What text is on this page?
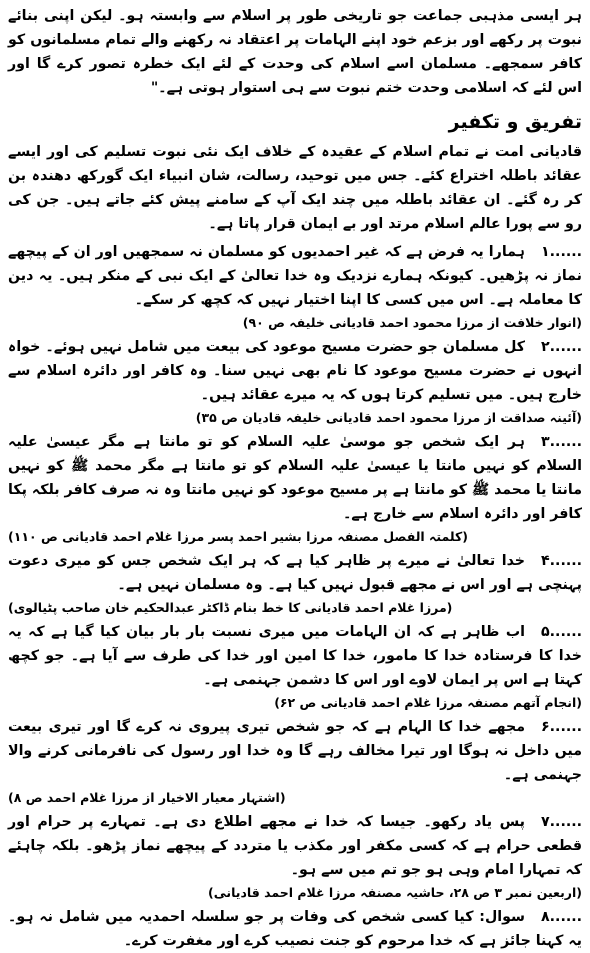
ہر ایسی مذہبی جماعت جو تاریخی طور پر اسلام سے وابستہ ہو۔ لیکن اپنی بنائے نبوت پر رکھے اور بزعم خود اپنے الہامات پر اعتقاد نہ رکھنے والے تمام مسلمانوں کو کافر سمجھے۔ مسلمان اسے اسلام کی وحدت کے لئے ایک خطرہ تصور کرے گا اور اس لئے کہ اسلامی وحدت ختم نبوت سے ہی استوار ہوتی ہے۔"

تفریق و تکفیر

قادیانی امت نے تمام اسلام کے عقیدہ کے خلاف ایک نئی نبوت تسلیم کی اور ایسے عقائد باطلہ اختراع کئے۔ جس میں توحید، رسالت، شان انبیاء ایک گورکھ دھندہ بن کر رہ گئے۔ ان عقائد باطلہ میں چند ایک آپ کے سامنے پیش کئے جاتے ہیں۔ جن کی رو سے پورا عالم اسلام مرتد اور بے ایمان قرار پاتا ہے۔

۱......ہمارا یہ فرض ہے کہ غیر احمدیوں کو مسلمان نہ سمجھیں اور ان کے پیچھے نماز نہ پڑھیں۔ کیونکہ ہمارے نزدیک وہ خدا تعالیٰ کے ایک نبی کے منکر ہیں۔ یہ دین کا معاملہ ہے۔ اس میں کسی کا اپنا اختیار نہیں کہ کچھ کر سکے۔

(انوار خلافت از مرزا محمود احمد قادیانی خلیفہ ص ۹۰)

۲......کل مسلمان جو حضرت مسیح موعود کی بیعت میں شامل نہیں ہوئے۔ خواہ انہوں نے حضرت مسیح موعود کا نام بھی نہیں سنا۔ وہ کافر اور دائرہ اسلام سے خارج ہیں۔ میں تسلیم کرتا ہوں کہ یہ میرے عقائد ہیں۔

(آئینہ صداقت از مرزا محمود احمد قادیانی خلیفہ قادیان ص ۳۵)

۳......ہر ایک شخص جو موسیٰ علیہ السلام کو تو مانتا ہے مگر عیسیٰ علیہ السلام کو نہیں مانتا یا عیسیٰ علیہ السلام کو تو مانتا ہے مگر محمد ﷺ کو نہیں مانتا یا محمد ﷺ کو مانتا ہے پر مسیح موعود کو نہیں مانتا وہ نہ صرف کافر بلکہ پکا کافر اور دائرہ اسلام سے خارج ہے۔

(کلمتہ الفصل مصنفہ مرزا بشیر احمد پسر مرزا غلام احمد قادیانی ص ۱۱۰)

۴......خدا تعالیٰ نے میرے پر ظاہر کیا ہے کہ ہر ایک شخص جس کو میری دعوت پہنچی ہے اور اس نے مجھے قبول نہیں کیا ہے۔ وہ مسلمان نہیں ہے۔

(مرزا غلام احمد قادیانی کا خط بنام ڈاکٹر عبدالحکیم خان صاحب پٹیالوی)

۵......اب ظاہر ہے کہ ان الہامات میں میری نسبت بار بار بیان کیا گیا ہے کہ یہ خدا کا فرستادہ خدا کا مامور، خدا کا امین اور خدا کی طرف سے آیا ہے۔ جو کچھ کہتا ہے اس پر ایمان لاوے اور اس کا دشمن جہنمی ہے۔

(انجام آتھم مصنفہ مرزا غلام احمد قادیانی ص ۶۲)

۶......مجھے خدا کا الہام ہے کہ جو شخص تیری پیروی نہ کرے گا اور تیری بیعت میں داخل نہ ہوگا اور تیرا مخالف رہے گا وہ خدا اور رسول کی نافرمانی کرنے والا جہنمی ہے۔

(اشتہار معیار الاخیار از مرزا غلام احمد ص ۸)

۷......پس یاد رکھو۔ جیسا کہ خدا نے مجھے اطلاع دی ہے۔ تمہارے پر حرام اور قطعی حرام ہے کہ کسی مکفر اور مکذب یا متردد کے پیچھے نماز پڑھو۔ بلکہ چاہئے کہ تمہارا امام وہی ہو جو تم میں سے ہو۔

(اربعین نمبر ۳ ص ۲۸، حاشیہ مصنفہ مرزا غلام احمد قادیانی)

۸......سوال: کیا کسی شخص کی وفات پر جو سلسلہ احمدیہ میں شامل نہ ہو۔ یہ کہنا جائز ہے کہ خدا مرحوم کو جنت نصیب کرے اور مغفرت کرے۔
